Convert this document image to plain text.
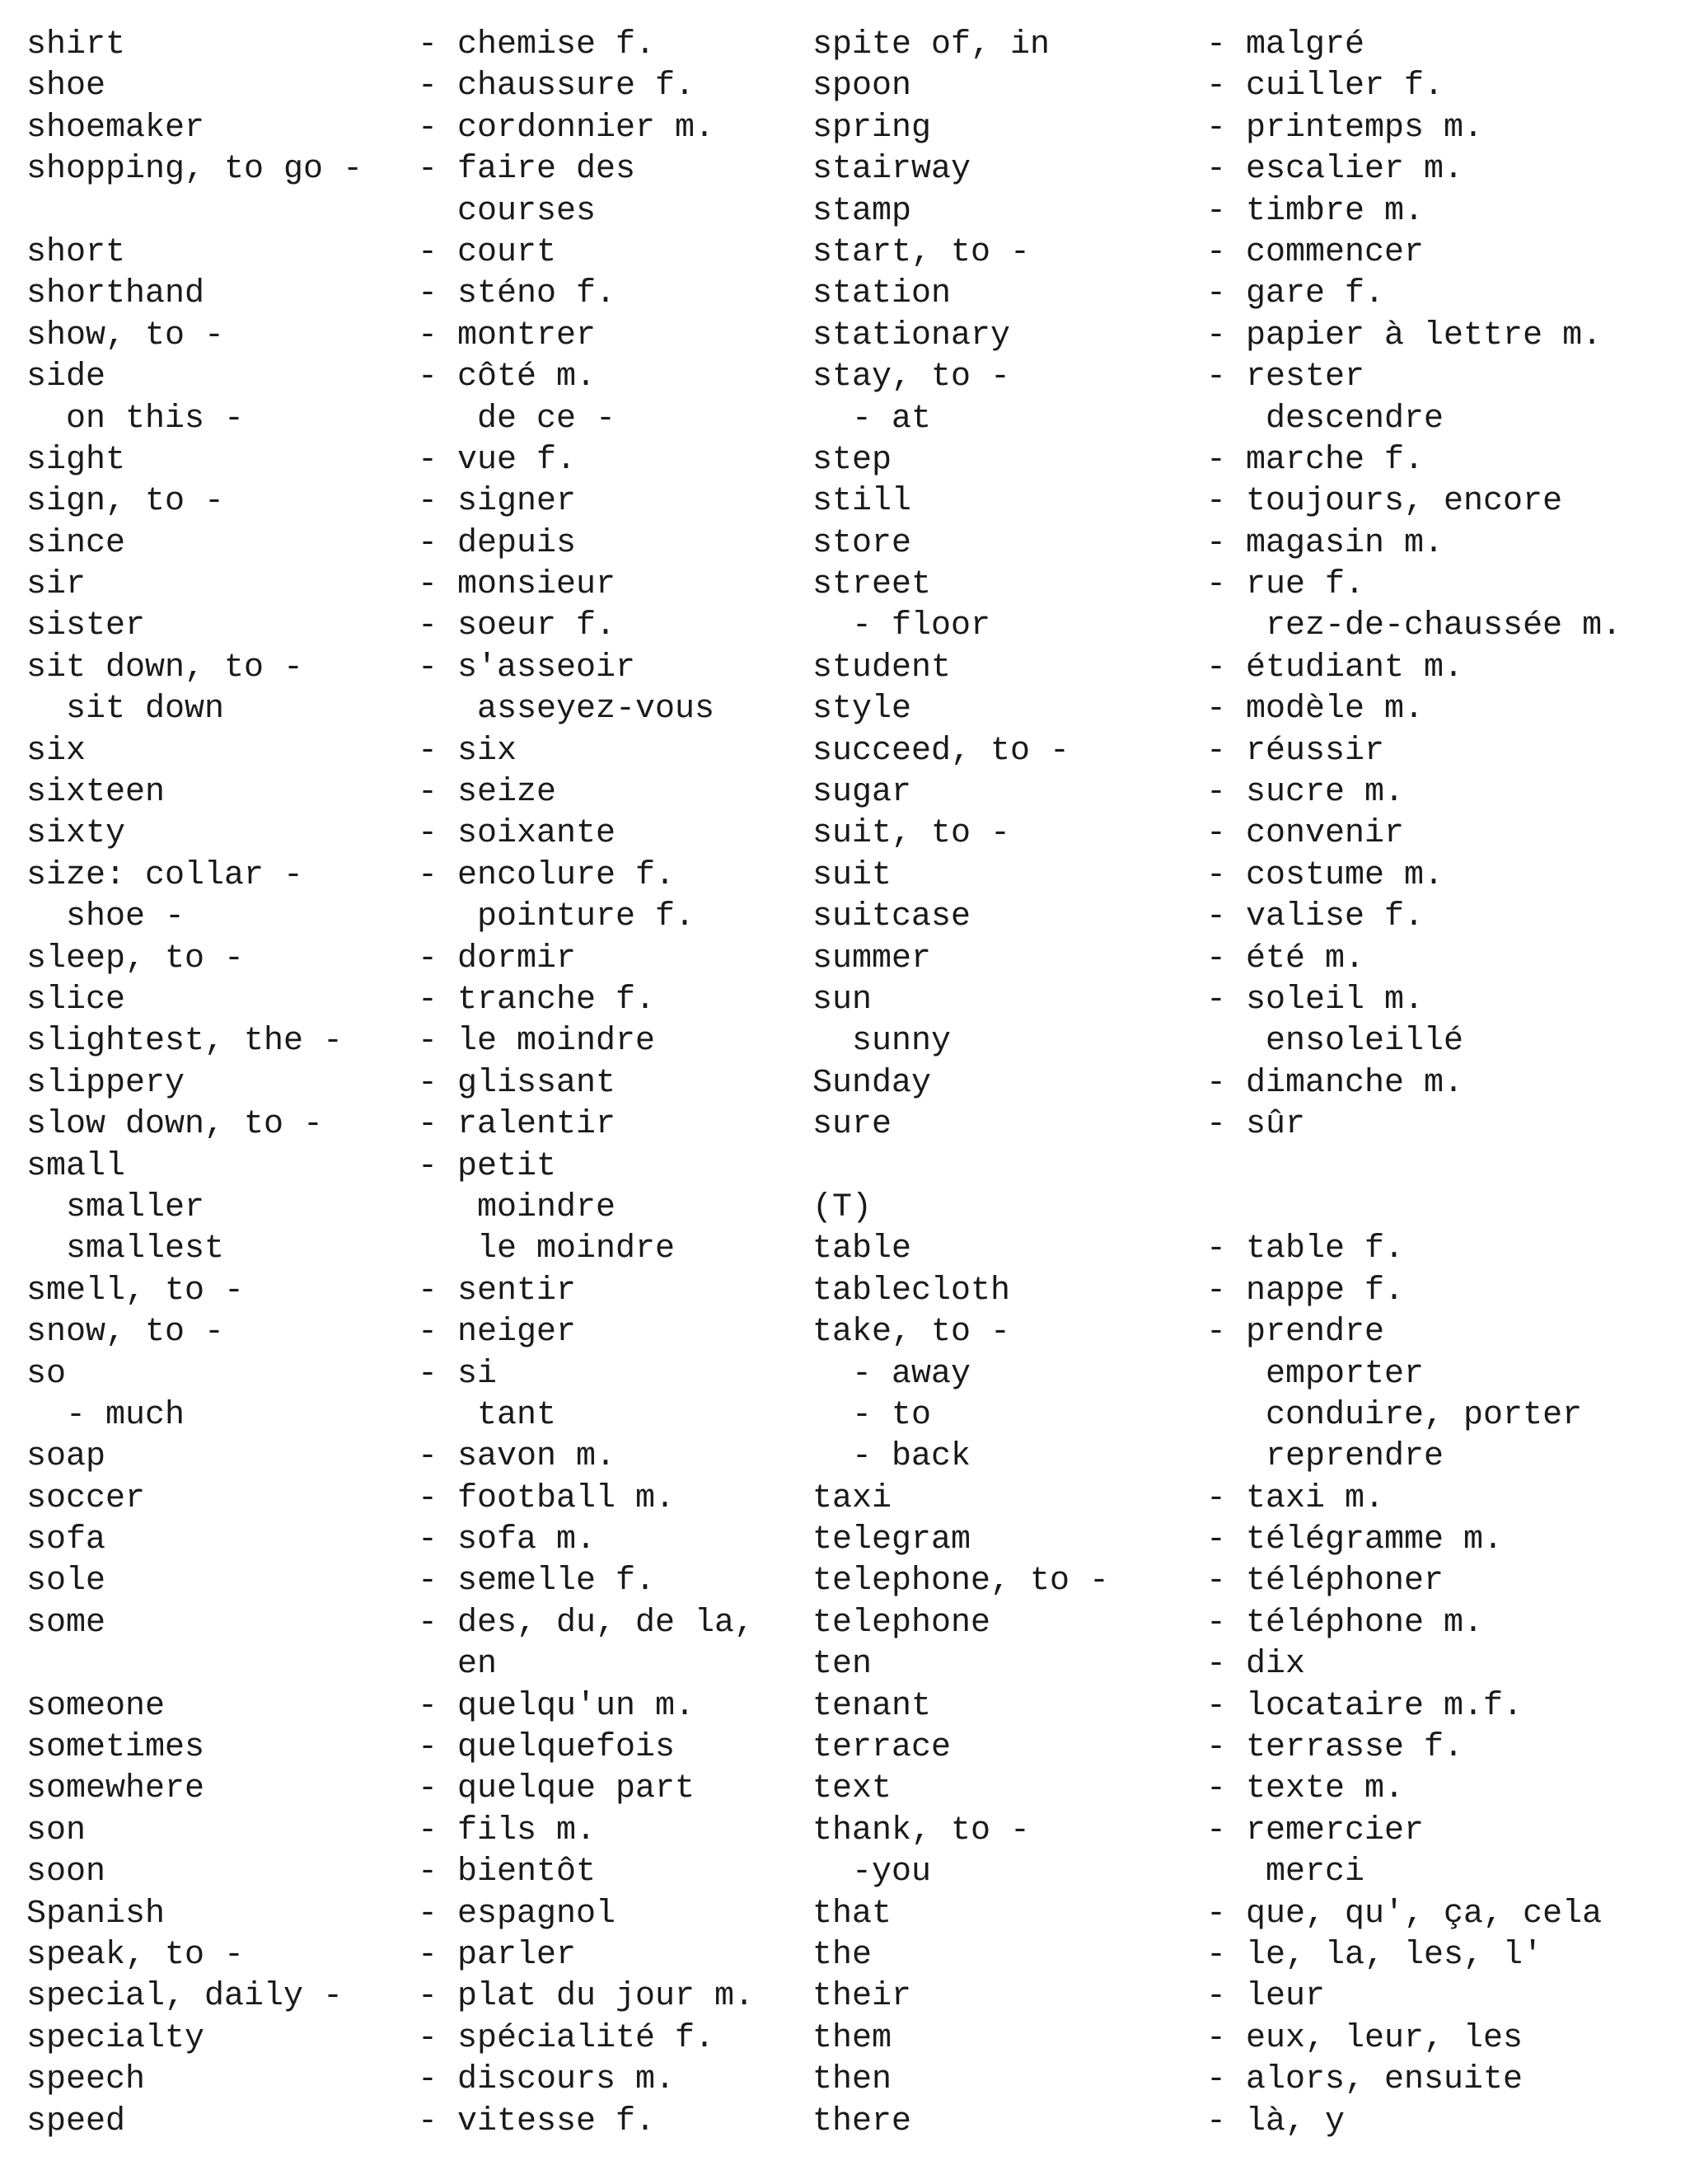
shirt	- chemise f.
shoe	- chaussure f.
shoemaker	- cordonnier m.
shopping, to go -	- faire des
courses
short	- court
shorthand	- sténo f.
show, to -	- montrer
side	- côté m.
on this -	de ce -
sight	- vue f.
sign, to -	- signer
since	- depuis
sir	- monsieur
sister	- soeur f.
sit down, to -	- s'asseoir
sit down	asseyez-vous
six	- six
sixteen	- seize
sixty	- soixante
size: collar -	- encolure f.
shoe -	pointure f.
sleep, to -	- dormir
slice	- tranche f.
slightest, the -	- le moindre
slippery	- glissant
slow down, to -	- ralentir
small	- petit
smaller	moindre
smallest	le moindre
smell, to -	- sentir
snow, to -	- neiger
so	- si
- much	tant
soap	- savon m.
soccer	- football m.
sofa	- sofa m.
sole	- semelle f.
some	- des, du, de la,
en
someone	- quelqu'un m.
sometimes	- quelquefois
somewhere	- quelque part
son	- fils m.
soon	- bientôt
Spanish	- espagnol
speak, to -	- parler
special, daily -	- plat du jour m.
specialty	- spécialité f.
speech	- discours m.
speed	- vitesse f.
spite of, in	- malgré
spoon	- cuiller f.
spring	- printemps m.
stairway	- escalier m.
stamp	- timbre m.
start, to -	- commencer
station	- gare f.
stationary	- papier à lettre m.
stay, to -	- rester
- at	descendre
step	- marche f.
still	- toujours, encore
store	- magasin m.
street	- rue f.
- floor	rez-de-chaussée m.
student	- étudiant m.
style	- modèle m.
succeed, to -	- réussir
sugar	- sucre m.
suit, to -	- convenir
suit	- costume m.
suitcase	- valise f.
summer	- été m.
sun	- soleil m.
sunny	ensoleillé
Sunday	- dimanche m.
sure	- sûr
(T)
table	- table f.
tablecloth	- nappe f.
take, to -	- prendre
- away	emporter
- to	conduire, porter
- back	reprendre
taxi	- taxi m.
telegram	- télégramme m.
telephone, to -	- téléphoner
telephone	- téléphone m.
ten	- dix
tenant	- locataire m.f.
terrace	- terrasse f.
text	- texte m.
thank, to -	- remercier
-you	merci
that	- que, qu', ça, cela
the	- le, la, les, l'
their	- leur
them	- eux, leur, les
then	- alors, ensuite
there	- là, y
